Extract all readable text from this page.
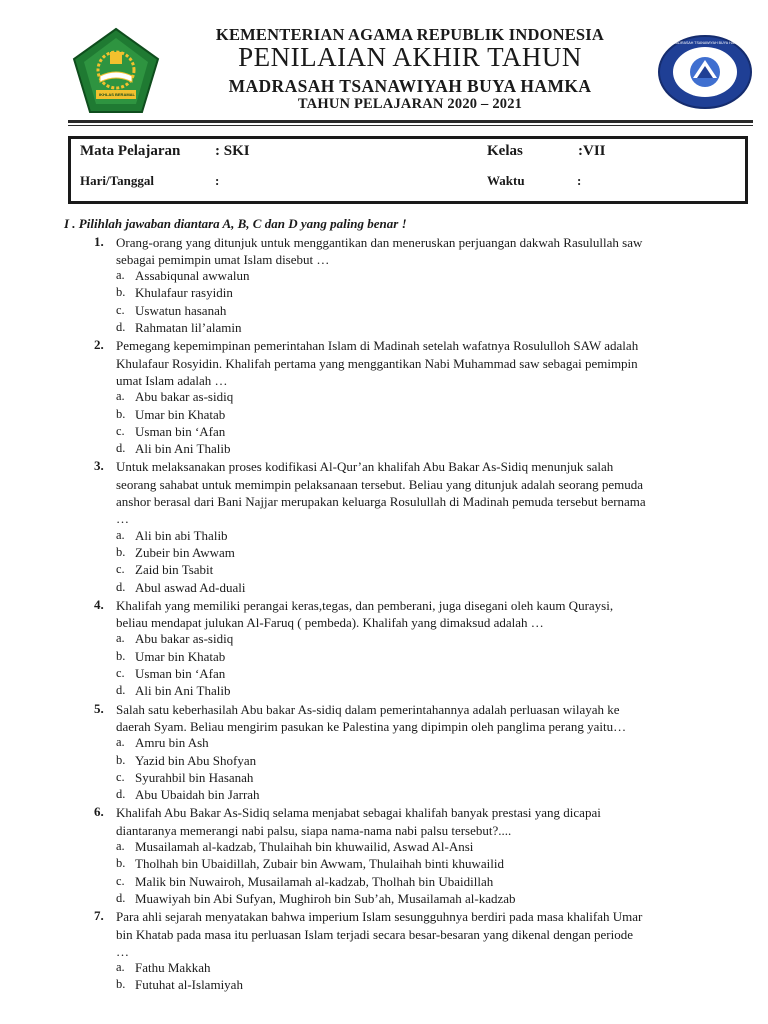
IKHLAS BERAMAL
KEMENTERIAN AGAMA REPUBLIK INDONESIA
PENILAIAN AKHIR TAHUN
MADRASAH TSANAWIYAH BUYA HAMKA
TAHUN PELAJARAN 2020 – 2021
MADRASAH TSANAWIYAH BUYA HAMKA
Mata Pelajaran : SKI	Kelas	:VII
Hari/Tanggal	:	Waktu	:
I . Pilihlah jawaban diantara A, B, C dan D yang paling benar !
1. Orang-orang yang ditunjuk untuk menggantikan dan meneruskan perjuangan dakwah Rasulullah saw
sebagai pemimpin umat Islam disebut …
a. Assabiqunal awwalun
b. Khulafaur rasyidin
c. Uswatun hasanah
d. Rahmatan lil’alamin
2. Pemegang kepemimpinan pemerintahan Islam di Madinah setelah wafatnya Rosululloh SAW adalah
Khulafaur Rosyidin. Khalifah pertama yang menggantikan Nabi Muhammad saw sebagai pemimpin
umat Islam adalah …
a. Abu bakar as-sidiq
b. Umar bin Khatab
c. Usman bin ‘Afan
d. Ali bin Ani Thalib
3. Untuk melaksanakan proses kodifikasi Al-Qur’an khalifah Abu Bakar As-Sidiq menunjuk salah
seorang sahabat untuk memimpin pelaksanaan tersebut. Beliau yang ditunjuk adalah seorang pemuda
anshor berasal dari Bani Najjar merupakan keluarga Rosulullah di Madinah pemuda tersebut bernama
…
a. Ali bin abi Thalib
b. Zubeir bin Awwam
c. Zaid bin Tsabit
d. Abul aswad Ad-duali
4. Khalifah yang memiliki perangai keras,tegas, dan pemberani, juga disegani oleh kaum Quraysi,
beliau mendapat julukan Al-Faruq ( pembeda). Khalifah yang dimaksud adalah …
a. Abu bakar as-sidiq
b. Umar bin Khatab
c. Usman bin ‘Afan
d. Ali bin Ani Thalib
5. Salah satu keberhasilah Abu bakar As-sidiq dalam pemerintahannya adalah perluasan wilayah ke
daerah Syam. Beliau mengirim pasukan ke Palestina yang dipimpin oleh panglima perang yaitu…
a. Amru bin Ash
b. Yazid bin Abu Shofyan
c. Syurahbil bin Hasanah
d. Abu Ubaidah bin Jarrah
6. Khalifah Abu Bakar As-Sidiq selama menjabat sebagai khalifah banyak prestasi yang dicapai
diantaranya memerangi nabi palsu, siapa nama-nama nabi palsu tersebut?....
a. Musailamah al-kadzab, Thulaihah bin khuwailid, Aswad Al-Ansi
b. Tholhah bin Ubaidillah, Zubair bin Awwam, Thulaihah binti khuwailid
c. Malik bin Nuwairoh, Musailamah al-kadzab, Tholhah bin Ubaidillah
d. Muawiyah bin Abi Sufyan, Mughiroh bin Sub’ah, Musailamah al-kadzab
7. Para ahli sejarah menyatakan bahwa imperium Islam sesungguhnya berdiri pada masa khalifah Umar
bin Khatab pada masa itu perluasan Islam terjadi secara besar-besaran yang dikenal dengan periode
…
a. Fathu Makkah
b. Futuhat al-Islamiyah
